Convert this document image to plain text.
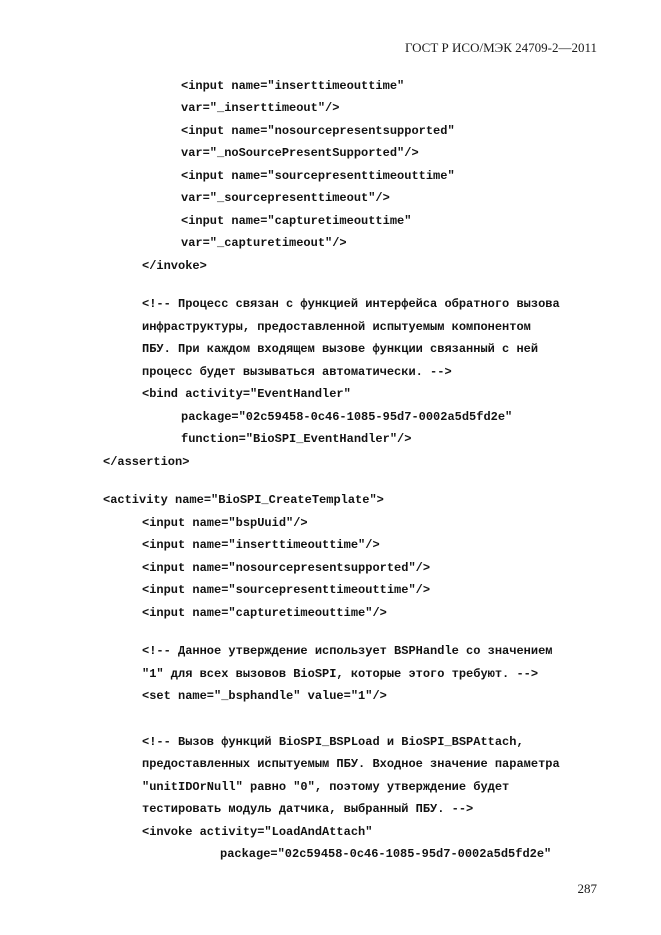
ГОСТ Р ИСО/МЭК 24709-2—2011
<input name="inserttimeouttime"
var="_inserttimeout"/>
<input name="nosourcepresentsupported"
var="_noSourcePresentSupported"/>
<input name="sourcepresenttimeouttime"
var="_sourcepresenttimeout"/>
<input name="capturetimeouttime"
var="_capturetimeout"/>
</invoke>
<!-- Процесс связан с функцией интерфейса обратного вызова
инфраструктуры, предоставленной испытуемым компонентом
ПБУ. При каждом входящем вызове функции связанный с ней
процесс будет вызываться автоматически. -->
<bind activity="EventHandler"
package="02c59458-0c46-1085-95d7-0002a5d5fd2e"
function="BioSPI_EventHandler"/>
</assertion>
<activity name="BioSPI_CreateTemplate">
<input name="bspUuid"/>
<input name="inserttimeouttime"/>
<input name="nosourcepresentsupported"/>
<input name="sourcepresenttimeouttime"/>
<input name="capturetimeouttime"/>
<!-- Данное утверждение использует BSPHandle со значением
"1" для всех вызовов BioSPI, которые этого требуют. -->
<set name="_bsphandle" value="1"/>
<!-- Вызов функций BioSPI_BSPLoad и BioSPI_BSPAttach,
предоставленных испытуемым ПБУ. Входное значение параметра
"unitIDOrNull" равно "0", поэтому утверждение будет
тестировать модуль датчика, выбранный ПБУ. -->
<invoke activity="LoadAndAttach"
package="02c59458-0c46-1085-95d7-0002a5d5fd2e"
287
